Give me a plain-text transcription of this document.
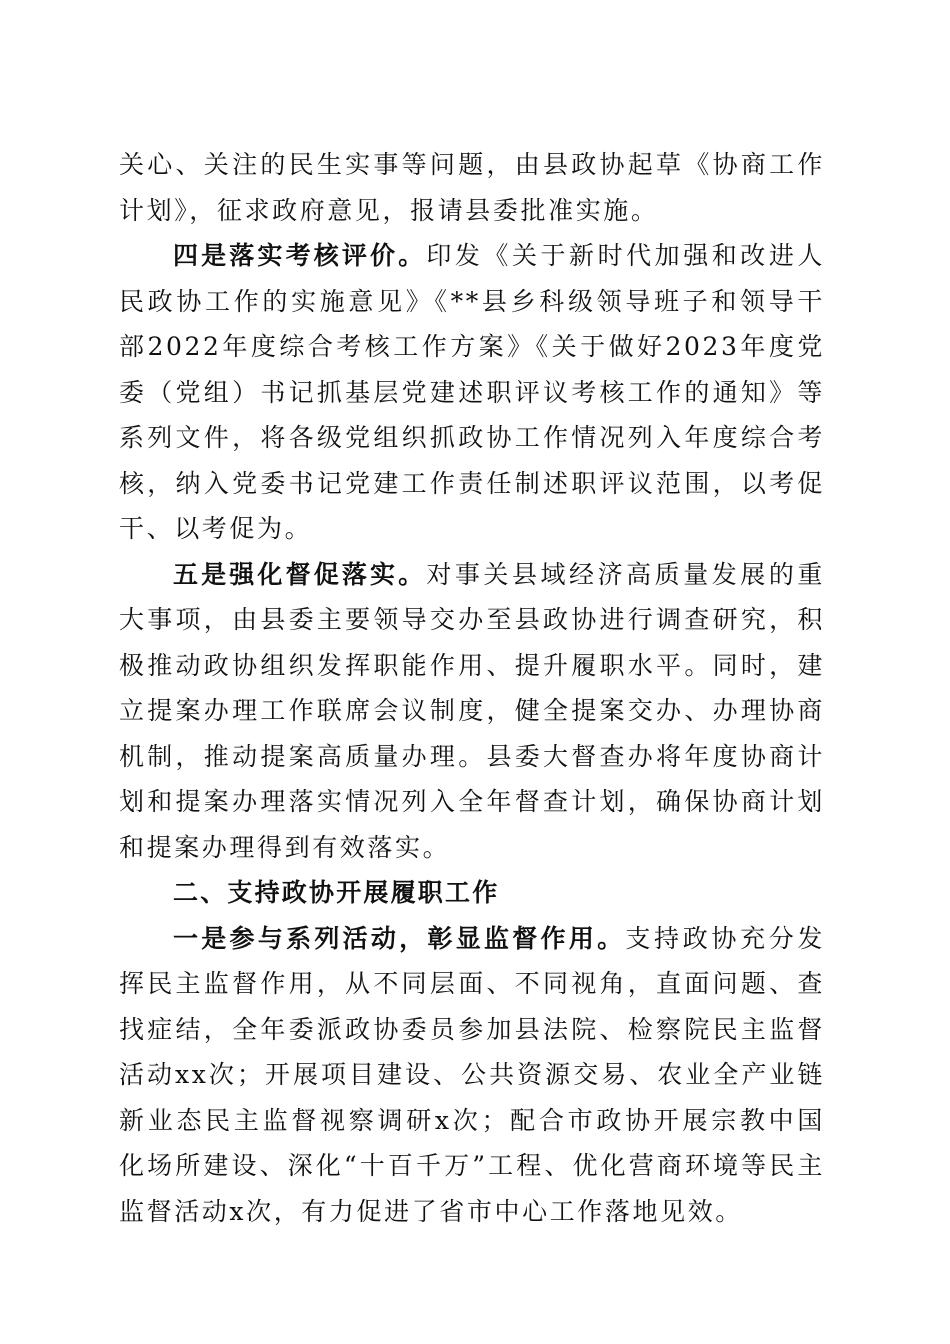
关心、关注的民生实事等问题，由县政协起草《协商工作计划》，征求政府意见，报请县委批准实施。

四是落实考核评价。印发《关于新时代加强和改进人民政协工作的实施意见》《**县乡科级领导班子和领导干部2022年度综合考核工作方案》《关于做好2023年度党委（党组）书记抓基层党建述职评议考核工作的通知》等系列文件，将各级党组织抓政协工作情况列入年度综合考核，纳入党委书记党建工作责任制述职评议范围，以考促干、以考促为。

五是强化督促落实。对事关县域经济高质量发展的重大事项，由县委主要领导交办至县政协进行调查研究，积极推动政协组织发挥职能作用、提升履职水平。同时，建立提案办理工作联席会议制度，健全提案交办、办理协商机制，推动提案高质量办理。县委大督查办将年度协商计划和提案办理落实情况列入全年督查计划，确保协商计划和提案办理得到有效落实。

二、支持政协开展履职工作

一是参与系列活动，彰显监督作用。支持政协充分发挥民主监督作用，从不同层面、不同视角，直面问题、查找症结，全年委派政协委员参加县法院、检察院民主监督活动xx次；开展项目建设、公共资源交易、农业全产业链新业态民主监督视察调研x次；配合市政协开展宗教中国化场所建设、深化“十百千万”工程、优化营商环境等民主监督活动x次，有力促进了省市中心工作落地见效。
